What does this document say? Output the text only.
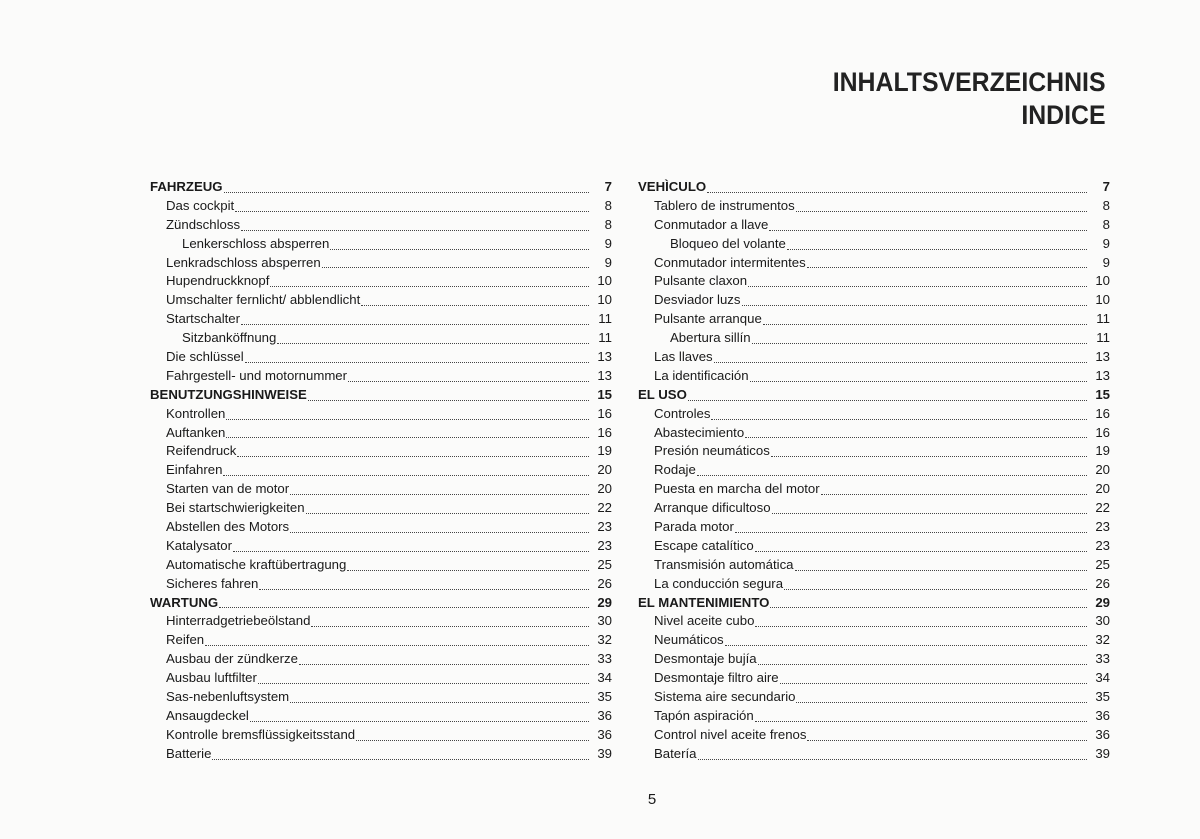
INHALTSVERZEICHNIS
INDICE
FAHRZEUG	7
Das cockpit	8
Zündschloss	8
Lenkerschloss absperren	9
Lenkradschloss absperren	9
Hupendruckknopf	10
Umschalter fernlicht/ abblendlicht	10
Startschalter	11
Sitzbanköffnung	11
Die schlüssel	13
Fahrgestell- und motornummer	13
BENUTZUNGSHINWEISE	15
Kontrollen	16
Auftanken	16
Reifendruck	19
Einfahren	20
Starten van de motor	20
Bei startschwierigkeiten	22
Abstellen des Motors	23
Katalysator	23
Automatische kraftübertragung	25
Sicheres fahren	26
WARTUNG	29
Hinterradgetriebeölstand	30
Reifen	32
Ausbau der zündkerze	33
Ausbau luftfilter	34
Sas-nebenluftsystem	35
Ansaugdeckel	36
Kontrolle bremsflüssigkeitsstand	36
Batterie	39
VEHÌCULO	7
Tablero de instrumentos	8
Conmutador a llave	8
Bloqueo del volante	9
Conmutador intermitentes	9
Pulsante claxon	10
Desviador luzs	10
Pulsante arranque	11
Abertura sillín	11
Las llaves	13
La identificación	13
EL USO	15
Controles	16
Abastecimiento	16
Presión neumáticos	19
Rodaje	20
Puesta en marcha del motor	20
Arranque dificultoso	22
Parada motor	23
Escape catalítico	23
Transmisión automática	25
La conducción segura	26
EL MANTENIMIENTO	29
Nivel aceite cubo	30
Neumáticos	32
Desmontaje bujía	33
Desmontaje filtro aire	34
Sistema aire secundario	35
Tapón aspiración	36
Control nivel aceite frenos	36
Batería	39
5
